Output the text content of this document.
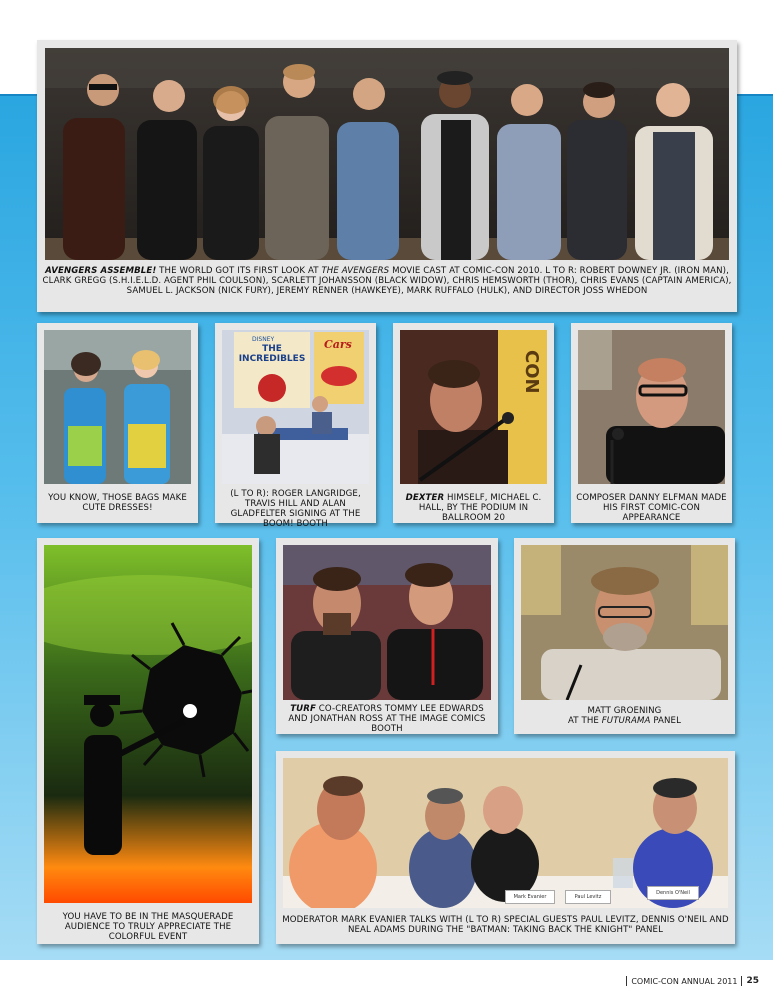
AVENGERS ASSEMBLE! THE WORLD GOT ITS FIRST LOOK AT THE AVENGERS MOVIE CAST AT COMIC-CON 2010. L TO R: ROBERT DOWNEY JR. (IRON MAN), CLARK GREGG (S.H.I.E.L.D. AGENT PHIL COULSON), SCARLETT JOHANSSON (BLACK WIDOW), CHRIS HEMSWORTH (THOR), CHRIS EVANS (CAPTAIN AMERICA), SAMUEL L. JACKSON (NICK FURY), JEREMY RENNER (HAWKEYE), MARK RUFFALO (HULK), AND DIRECTOR JOSS WHEDON
YOU KNOW, THOSE BAGS MAKE CUTE DRESSES!
DISNEY
THE INCREDIBLES
Cars
(L TO R): ROGER LANGRIDGE, TRAVIS HILL AND ALAN GLADFELTER SIGNING AT THE BOOM! BOOTH
CON
DEXTER HIMSELF, MICHAEL C. HALL, BY THE PODIUM IN BALLROOM 20
COMPOSER DANNY ELFMAN MADE HIS FIRST COMIC-CON APPEARANCE
YOU HAVE TO BE IN THE MASQUERADE AUDIENCE TO TRULY APPRECIATE THE COLORFUL EVENT
TURF CO-CREATORS TOMMY LEE EDWARDS AND JONATHAN ROSS AT THE IMAGE COMICS BOOTH
MATT GROENING
AT THE FUTURAMA PANEL
Mark Evanier	Paul Levitz
Dennis O'Neil
MODERATOR MARK EVANIER TALKS WITH (L TO R) SPECIAL GUESTS PAUL LEVITZ, DENNIS O'NEIL AND NEAL ADAMS DURING THE "BATMAN: TAKING BACK THE KNIGHT" PANEL
COMIC-CON ANNUAL 2011 25
